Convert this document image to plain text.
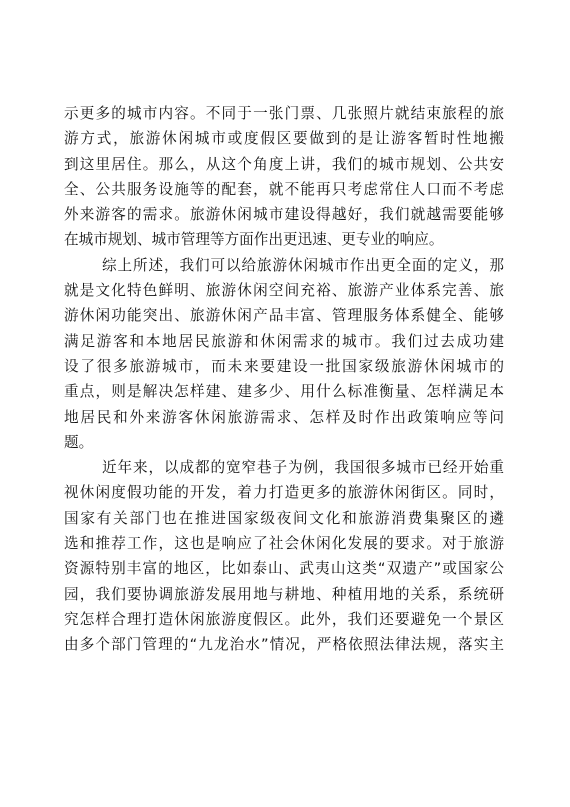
示更多的城市内容。不同于一张门票、几张照片就结束旅程的旅
游方式，旅游休闲城市或度假区要做到的是让游客暂时性地搬
到这里居住。那么，从这个角度上讲，我们的城市规划、公共安
全、公共服务设施等的配套，就不能再只考虑常住人口而不考虑
外来游客的需求。旅游休闲城市建设得越好，我们就越需要能够
在城市规划、城市管理等方面作出更迅速、更专业的响应。
综上所述，我们可以给旅游休闲城市作出更全面的定义，那
就是文化特色鲜明、旅游休闲空间充裕、旅游产业体系完善、旅
游休闲功能突出、旅游休闲产品丰富、管理服务体系健全、能够
满足游客和本地居民旅游和休闲需求的城市。我们过去成功建
设了很多旅游城市，而未来要建设一批国家级旅游休闲城市的
重点，则是解决怎样建、建多少、用什么标准衡量、怎样满足本
地居民和外来游客休闲旅游需求、怎样及时作出政策响应等问
题。
近年来，以成都的宽窄巷子为例，我国很多城市已经开始重
视休闲度假功能的开发，着力打造更多的旅游休闲街区。同时，
国家有关部门也在推进国家级夜间文化和旅游消费集聚区的遴
选和推荐工作，这也是响应了社会休闲化发展的要求。对于旅游
资源特别丰富的地区，比如泰山、武夷山这类“双遗产”或国家公
园，我们要协调旅游发展用地与耕地、种植用地的关系，系统研
究怎样合理打造休闲旅游度假区。此外，我们还要避免一个景区
由多个部门管理的“九龙治水”情况，严格依照法律法规，落实主
